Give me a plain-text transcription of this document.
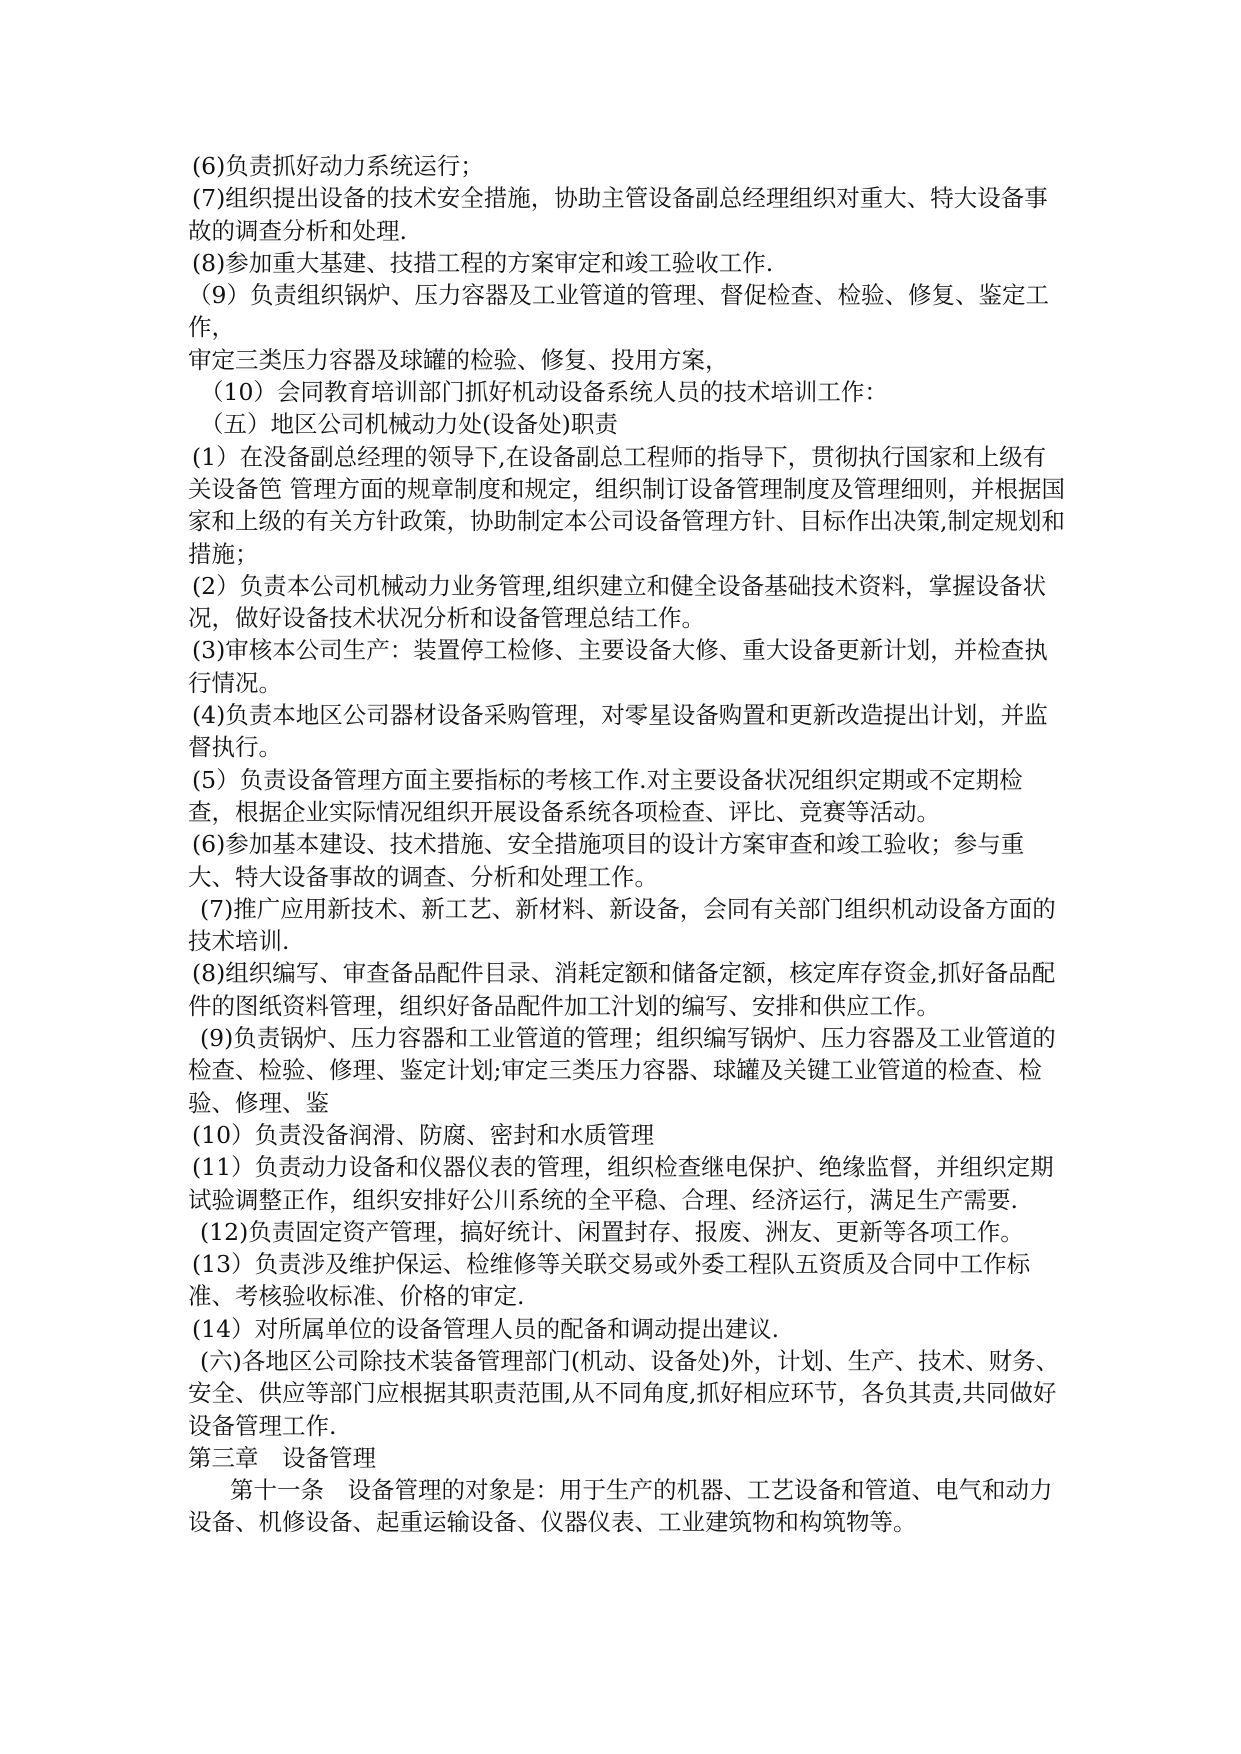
(6)负责抓好动力系统运行；

(7)组织提出设备的技术安全措施，协助主管设备副总经理组织对重大、特大设备事故的调查分析和处理.

(8)参加重大基建、技措工程的方案审定和竣工验收工作.

（9）负责组织锅炉、压力容器及工业管道的管理、督促检查、检验、修复、鉴定工作，

审定三类压力容器及球罐的检验、修复、投用方案，

（10）会同教育培训部门抓好机动设备系统人员的技术培训工作：

（五）地区公司机械动力处(设备处)职责

(1）在没备副总经理的领导下,在设备副总工程师的指导下，贯彻执行国家和上级有关设备笆 管理方面的规章制度和规定，组织制订设备管理制度及管理细则，并根据国家和上级的有关方针政策，协助制定本公司设备管理方针、目标作出决策,制定规划和措施；

(2）负责本公司机械动力业务管理,组织建立和健全设备基础技术资料，掌握设备状况，做好设备技术状况分析和设备管理总结工作。

(3)审核本公司生产：装置停工检修、主要设备大修、重大设备更新计划，并检查执行情况。

(4)负责本地区公司器材设备采购管理，对零星设备购置和更新改造提出计划，并监督执行。

(5）负责设备管理方面主要指标的考核工作.对主要设备状况组织定期或不定期检查，根据企业实际情况组织开展设备系统各项检查、评比、竞赛等活动。

(6)参加基本建设、技术措施、安全措施项目的设计方案审查和竣工验收；参与重大、特大设备事故的调查、分析和处理工作。

(7)推广应用新技术、新工艺、新材料、新设备，会同有关部门组织机动设备方面的技术培训.

(8)组织编写、审查备品配件目录、消耗定额和储备定额，核定库存资金,抓好备品配件的图纸资料管理，组织好备品配件加工汁划的编写、安排和供应工作。

(9)负责锅炉、压力容器和工业管道的管理；组织编写锅炉、压力容器及工业管道的检查、检验、修理、鉴定计划;审定三类压力容器、球罐及关键工业管道的检查、检验、修理、鉴

(10）负责没备润滑、防腐、密封和水质管理

(11）负责动力设备和仪器仪表的管理，组织检查继电保护、绝缘监督，并组织定期试验调整正作，组织安排好公川系统的全平稳、合理、经济运行，满足生产需要.

(12)负责固定资产管理，搞好统计、闲置封存、报废、洲友、更新等各项工作。

(13）负责涉及维护保运、检维修等关联交易或外委工程队五资质及合同中工作标准、考核验收标准、价格的审定.

(14）对所属单位的设备管理人员的配备和调动提出建议.

(六)各地区公司除技术装备管理部门(机动、设备处)外，计划、生产、技术、财务、安全、供应等部门应根据其职责范围,从不同角度,抓好相应环节，各负其责,共同做好设备管理工作.

第三章　设备管理

第十一条　设备管理的对象是：用于生产的机器、工艺设备和管道、电气和动力设备、机修设备、起重运输设备、仪器仪表、工业建筑物和构筑物等。
